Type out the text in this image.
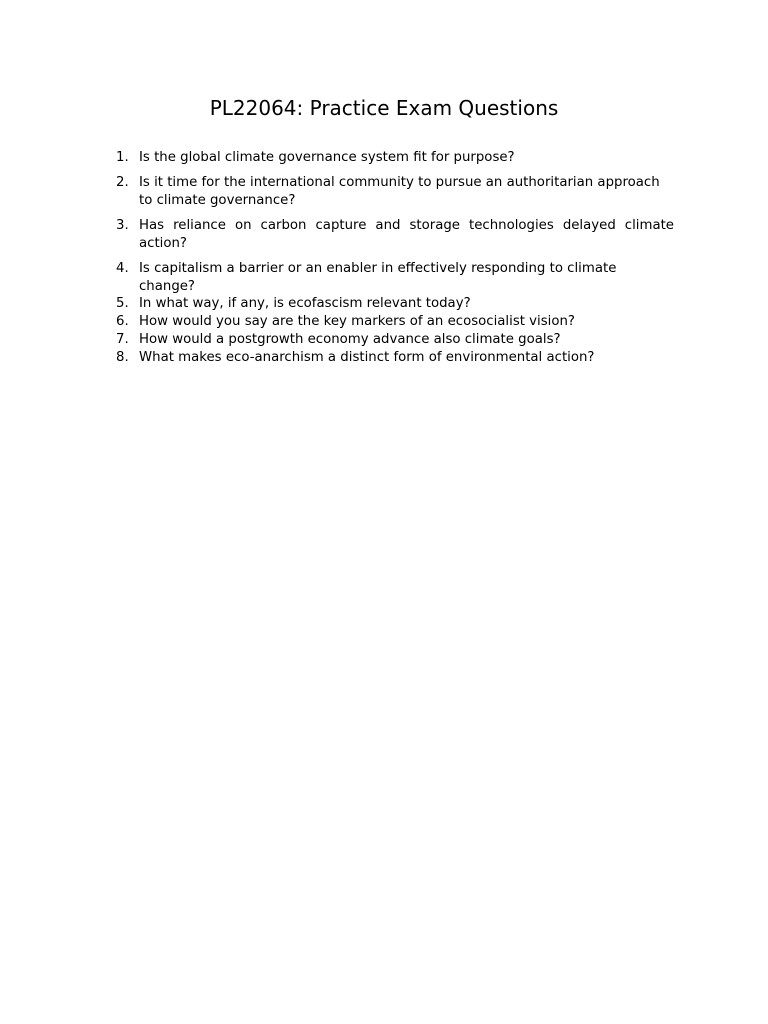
PL22064: Practice Exam Questions
1. Is the global climate governance system fit for purpose?
2. Is it time for the international community to pursue an authoritarian approach to climate governance?
3. Has reliance on carbon capture and storage technologies delayed climate action?
4. Is capitalism a barrier or an enabler in effectively responding to climate change?
5. In what way, if any, is ecofascism relevant today?
6. How would you say are the key markers of an ecosocialist vision?
7. How would a postgrowth economy advance also climate goals?
8. What makes eco-anarchism a distinct form of environmental action?
